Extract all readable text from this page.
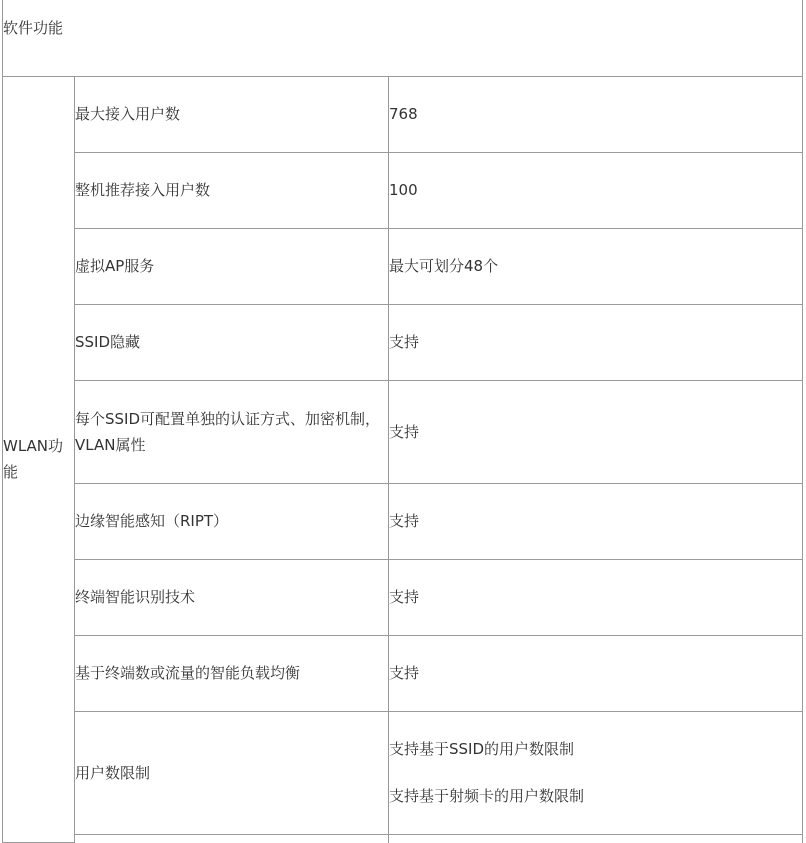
软件功能		
WLAN功能	最大接入用户数	768
	整机推荐接入用户数	100
	虚拟AP服务	最大可划分48个
	SSID隐藏	支持
	每个SSID可配置单独的认证方式、加密机制，VLAN属性	支持
	边缘智能感知（RIPT）	支持
	终端智能识别技术	支持
	基于终端数或流量的智能负载均衡	支持
	用户数限制	支持基于SSID的用户数限制
支持基于射频卡的用户数限制
